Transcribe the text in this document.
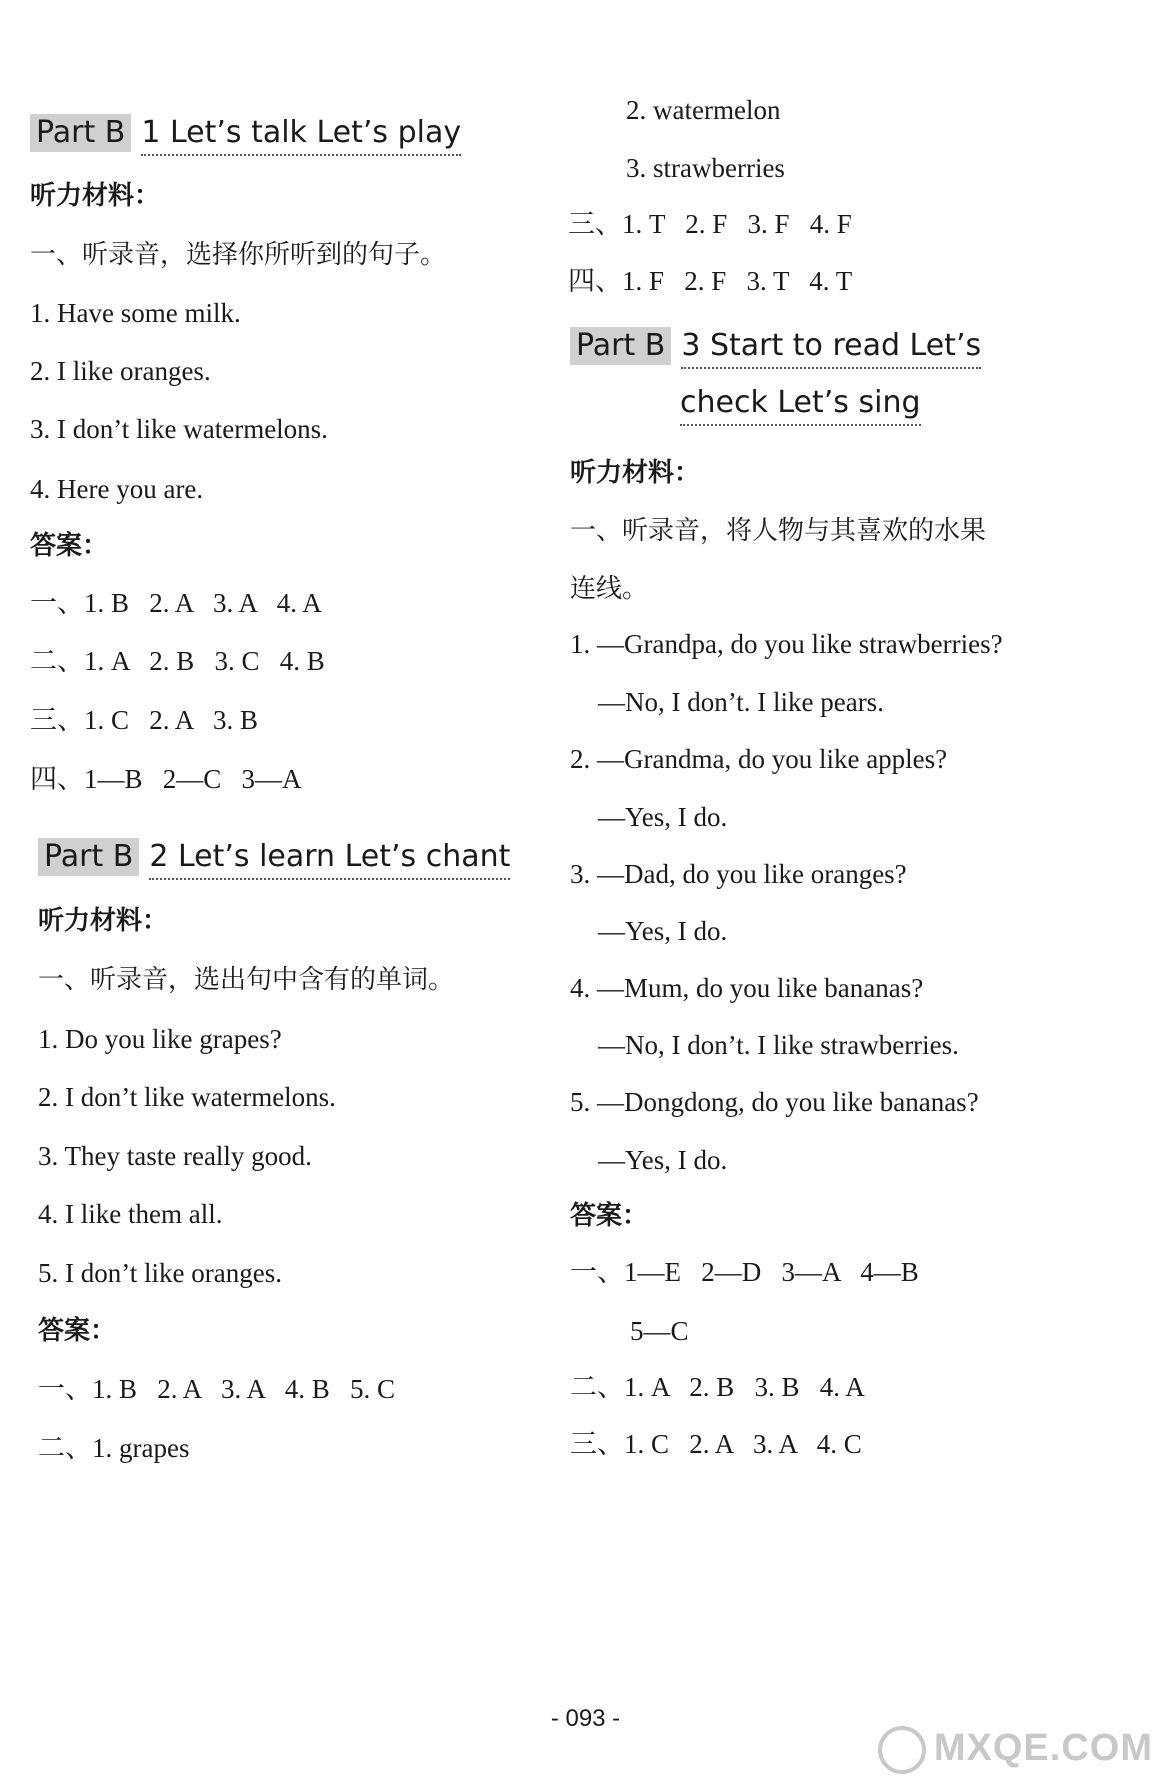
Part B 1 Let’s talk Let’s play
听力材料：
一、听录音，选择你所听到的句子。
1. Have some milk.
2. I like oranges.
3. I don’t like watermelons.
4. Here you are.
答案：
一、1. B   2. A   3. A   4. A
二、1. A   2. B   3. C   4. B
三、1. C   2. A   3. B
四、1—B   2—C   3—A
Part B 2 Let’s learn Let’s chant
听力材料：
一、听录音，选出句中含有的单词。
1. Do you like grapes?
2. I don’t like watermelons.
3. They taste really good.
4. I like them all.
5. I don’t like oranges.
答案：
一、1. B   2. A   3. A   4. B   5. C
二、1. grapes
2. watermelon
3. strawberries
三、1. T   2. F   3. F   4. F
四、1. F   2. F   3. T   4. T
Part B 3 Start to read Let’s
check Let’s sing
听力材料：
一、听录音，将人物与其喜欢的水果
连线。
1. —Grandpa, do you like strawberries?
—No, I don’t. I like pears.
2. —Grandma, do you like apples?
—Yes, I do.
3. —Dad, do you like oranges?
—Yes, I do.
4. —Mum, do you like bananas?
—No, I don’t. I like strawberries.
5. —Dongdong, do you like bananas?
—Yes, I do.
答案：
一、1—E   2—D   3—A   4—B
5—C
二、1. A   2. B   3. B   4. A
三、1. C   2. A   3. A   4. C
- 093 -
MXQE.COM
